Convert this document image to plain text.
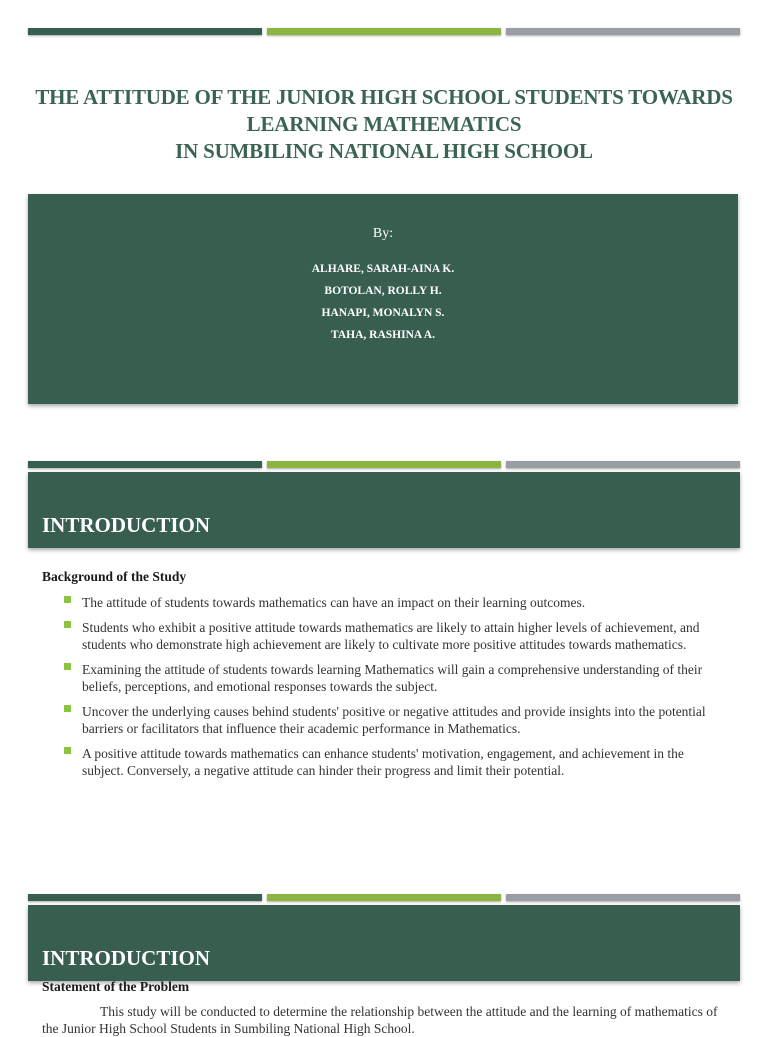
THE ATTITUDE OF THE JUNIOR HIGH SCHOOL STUDENTS TOWARDS
LEARNING MATHEMATICS
IN SUMBILING NATIONAL HIGH SCHOOL
By:
ALHARE, SARAH-AINA K.
BOTOLAN, ROLLY H.
HANAPI, MONALYN S.
TAHA, RASHINA A.
INTRODUCTION
Background of the Study
The attitude of students towards mathematics can have an impact on their learning outcomes.
Students who exhibit a positive attitude towards mathematics are likely to attain higher levels of achievement, and students who demonstrate high achievement are likely to cultivate more positive attitudes towards mathematics.
Examining the attitude of students towards learning Mathematics will gain a comprehensive understanding of their beliefs, perceptions, and emotional responses towards the subject.
Uncover the underlying causes behind students' positive or negative attitudes and provide insights into the potential barriers or facilitators that influence their academic performance in Mathematics.
A positive attitude towards mathematics can enhance students' motivation, engagement, and achievement in the subject. Conversely, a negative attitude can hinder their progress and limit their potential.
INTRODUCTION
Statement of the Problem
This study will be conducted to determine the relationship between the attitude and the learning of mathematics of the Junior High School Students in Sumbiling National High School.
